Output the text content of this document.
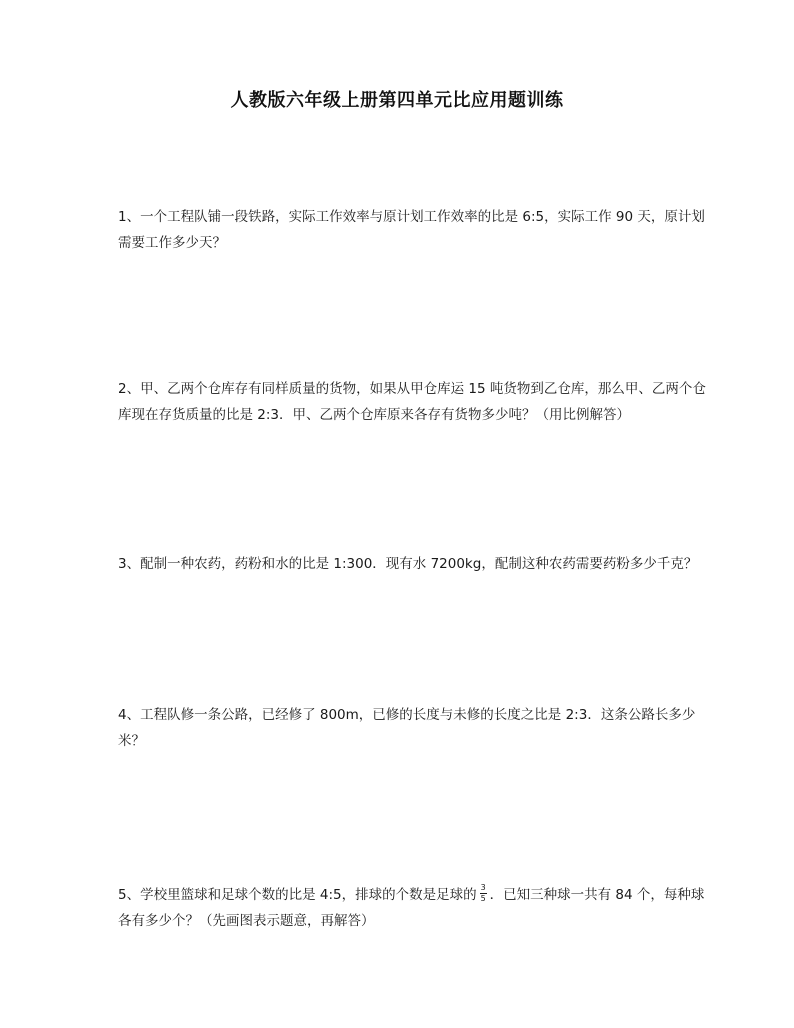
人教版六年级上册第四单元比应用题训练

1、一个工程队铺一段铁路，实际工作效率与原计划工作效率的比是 6:5，实际工作 90 天，原计划需要工作多少天？

2、甲、乙两个仓库存有同样质量的货物，如果从甲仓库运 15 吨货物到乙仓库，那么甲、乙两个仓库现在存货质量的比是 2:3．甲、乙两个仓库原来各存有货物多少吨？（用比例解答）

3、配制一种农药，药粉和水的比是 1:300．现有水 7200kg，配制这种农药需要药粉多少千克？

4、工程队修一条公路，已经修了 800m，已修的长度与未修的长度之比是 2:3．这条公路长多少米？

5、学校里篮球和足球个数的比是 4:5，排球的个数是足球的 $\frac{3}{5}$ ．已知三种球一共有 84 个，每种球各有多少个？（先画图表示题意，再解答）
